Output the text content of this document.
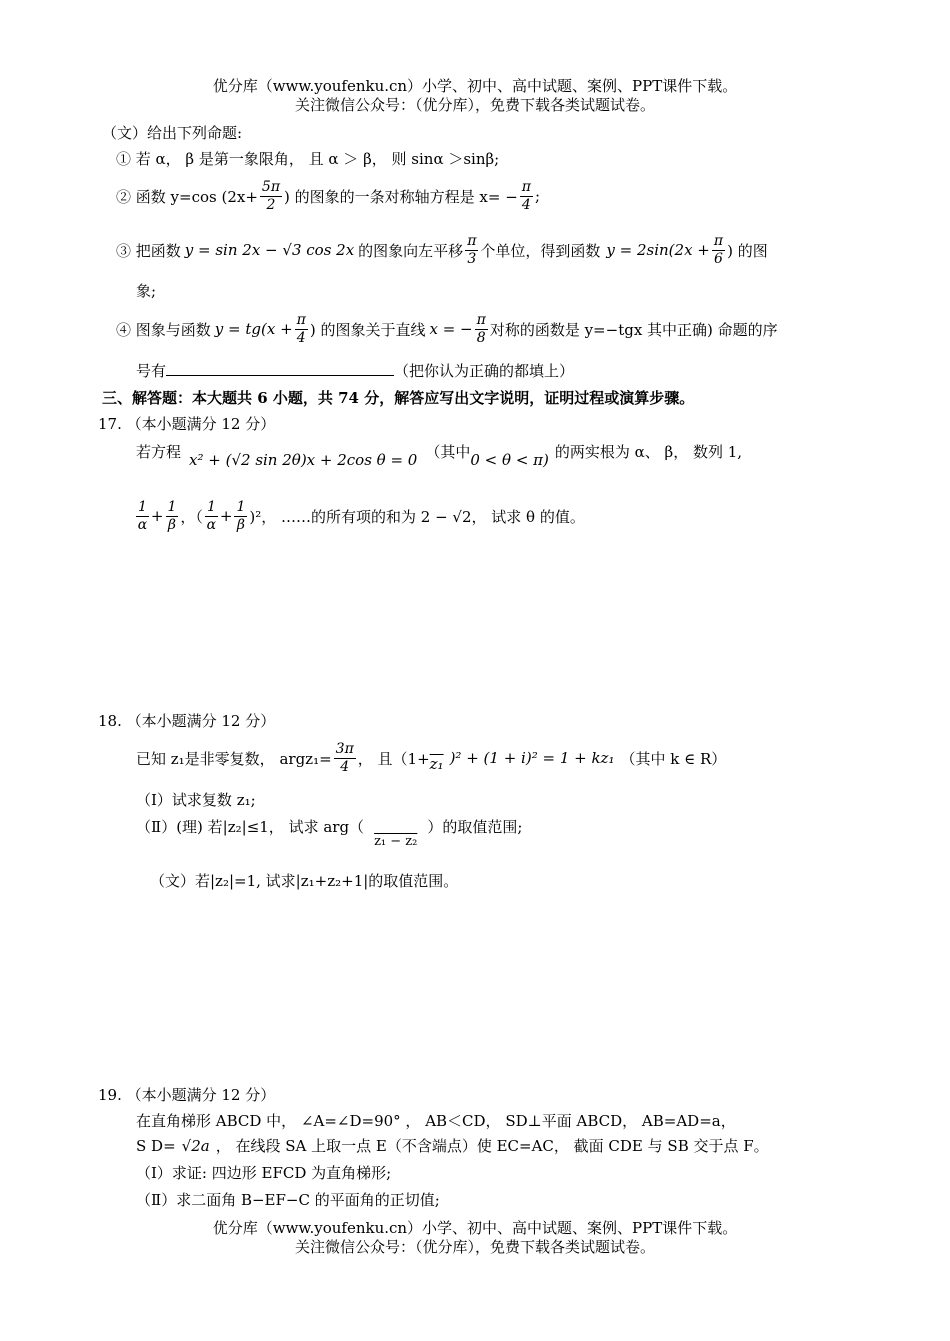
优分库（www.youfenku.cn）小学、初中、高中试题、案例、PPT课件下载。
关注微信公众号：（优分库），免费下载各类试题试卷。
（文）给出下列命题:
① 若 α， β 是第一象限角， 且 α ＞ β， 则 sinα ＞sinβ;
② 函数 y=cos ($2x+ \frac{5\pi}{2}$ ) 的图象的一条对称轴方程是 $x= - \frac{\pi}{4}$ ;
③ 把函数 y = sin 2x − √3 cos 2x 的图象向左平移 $\frac{\pi}{3}$ 个单位，得到函数 $y = 2\sin(2x + \frac{\pi}{6}$ ) 的图
象;
④ 图象与函数 $y = tg(x + \frac{\pi}{4}$ ) 的图象关于直线 x = − $\frac{\pi}{8}$ 对称的函数是 y=−tgx 其中正确) 命题的序
号有	（把你认为正确的都填上）
三、解答题：本大题共 6 小题，共 74 分，解答应写出文字说明，证明过程或演算步骤。
17. （本小题满分 12 分）
若方程 x² + (√2 sin 2θ)x + 2cos θ = 0 （其中 0 < θ < π) 的两实根为 α、 β， 数列 1,
$\frac{1}{\alpha} + \frac{1}{\beta}$ ，（ $\frac{1}{\alpha} + \frac{1}{\beta} )^2$， ……的所有项的和为 2 − √2， 试求 θ 的值。
18. （本小题满分 12 分）
已知 z₁是非零复数， argz₁= $\frac{3\pi}{4}$ ， 且（1+ z₁ )² + (1 + i)² = 1 + kz₁ （其中 k ∈ R）
（Ⅰ）试求复数 z₁;
（Ⅱ）(理) 若|z₂|≤1， 试求 arg（
z₁ − z₂
）的取值范围;
（文）若|z₂|=1, 试求|z₁+z₂+1|的取值范围。
19. （本小题满分 12 分）
在直角梯形 ABCD 中， ∠A=∠D=90° ， AB＜CD， SD⊥平面 ABCD， AB=AD=a，
S D= √2a ， 在线段 SA 上取一点 E（不含端点）使 EC=AC， 截面 CDE 与 SB 交于点 F。
（Ⅰ）求证: 四边形 EFCD 为直角梯形;
（Ⅱ）求二面角 B−EF−C 的平面角的正切值;
优分库（www.youfenku.cn）小学、初中、高中试题、案例、PPT课件下载。
关注微信公众号：（优分库），免费下载各类试题试卷。
